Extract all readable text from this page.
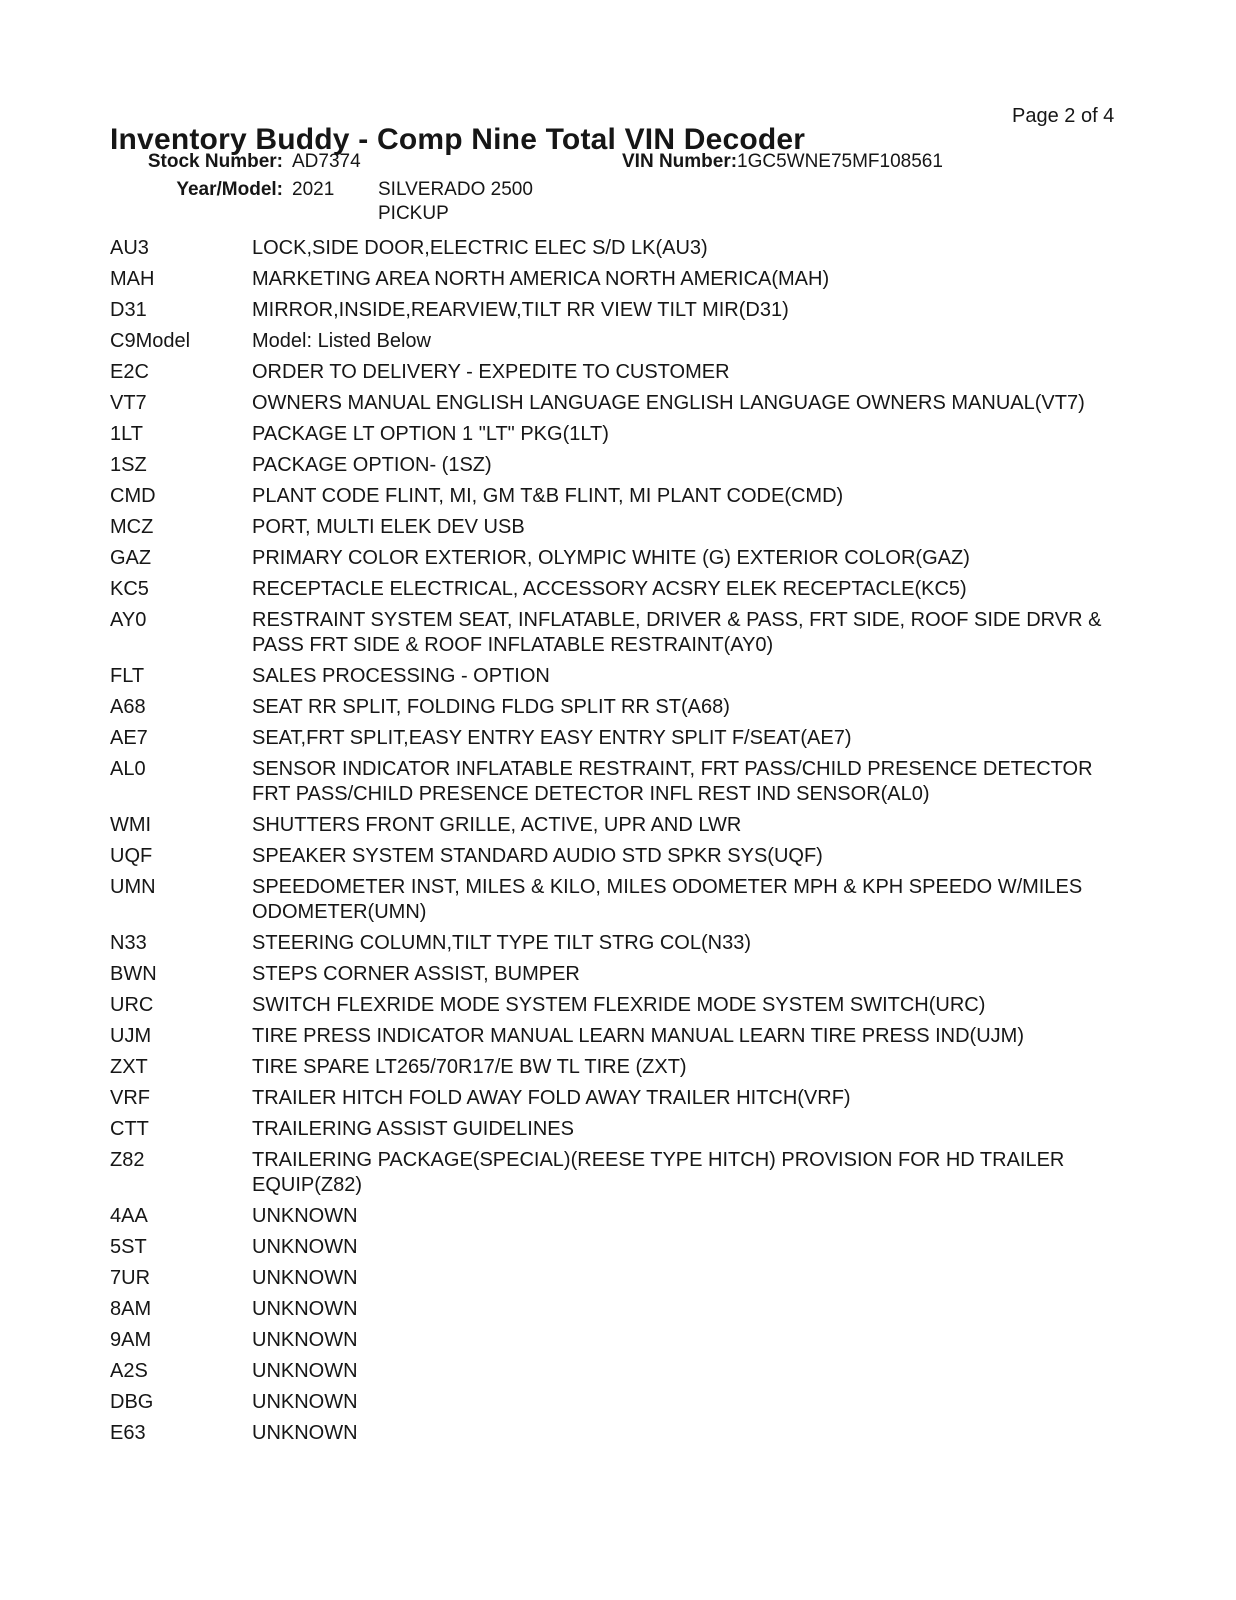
Inventory Buddy - Comp Nine Total VIN Decoder
Page 2 of 4
Stock Number: AD7374	VIN Number: 1GC5WNE75MF108561
Year/Model: 2021 SILVERADO 2500
PICKUP
AU3	LOCK,SIDE DOOR,ELECTRIC ELEC S/D LK(AU3)
MAH	MARKETING AREA NORTH AMERICA NORTH AMERICA(MAH)
D31	MIRROR,INSIDE,REARVIEW,TILT RR VIEW TILT MIR(D31)
C9Model	Model: Listed Below
E2C	ORDER TO DELIVERY - EXPEDITE TO CUSTOMER
VT7	OWNERS MANUAL ENGLISH LANGUAGE ENGLISH LANGUAGE OWNERS MANUAL(VT7)
1LT	PACKAGE LT OPTION 1 "LT" PKG(1LT)
1SZ	PACKAGE OPTION- (1SZ)
CMD	PLANT CODE FLINT, MI, GM T&B FLINT, MI PLANT CODE(CMD)
MCZ	PORT, MULTI ELEK DEV USB
GAZ	PRIMARY COLOR EXTERIOR, OLYMPIC WHITE (G) EXTERIOR COLOR(GAZ)
KC5	RECEPTACLE ELECTRICAL, ACCESSORY ACSRY ELEK RECEPTACLE(KC5)
AY0	RESTRAINT SYSTEM SEAT, INFLATABLE, DRIVER & PASS, FRT SIDE, ROOF SIDE DRVR & PASS FRT SIDE & ROOF INFLATABLE RESTRAINT(AY0)
FLT	SALES PROCESSING - OPTION
A68	SEAT RR SPLIT, FOLDING FLDG SPLIT RR ST(A68)
AE7	SEAT,FRT SPLIT,EASY ENTRY EASY ENTRY SPLIT F/SEAT(AE7)
AL0	SENSOR INDICATOR INFLATABLE RESTRAINT, FRT PASS/CHILD PRESENCE DETECTOR FRT PASS/CHILD PRESENCE DETECTOR INFL REST IND SENSOR(AL0)
WMI	SHUTTERS FRONT GRILLE, ACTIVE, UPR AND LWR
UQF	SPEAKER SYSTEM STANDARD AUDIO STD SPKR SYS(UQF)
UMN	SPEEDOMETER INST, MILES & KILO, MILES ODOMETER MPH & KPH SPEEDO W/MILES ODOMETER(UMN)
N33	STEERING COLUMN,TILT TYPE TILT STRG COL(N33)
BWN	STEPS CORNER ASSIST, BUMPER
URC	SWITCH FLEXRIDE MODE SYSTEM FLEXRIDE MODE SYSTEM SWITCH(URC)
UJM	TIRE PRESS INDICATOR MANUAL LEARN MANUAL LEARN TIRE PRESS IND(UJM)
ZXT	TIRE SPARE LT265/70R17/E BW TL TIRE (ZXT)
VRF	TRAILER HITCH FOLD AWAY FOLD AWAY TRAILER HITCH(VRF)
CTT	TRAILERING ASSIST GUIDELINES
Z82	TRAILERING PACKAGE(SPECIAL)(REESE TYPE HITCH) PROVISION FOR HD TRAILER EQUIP(Z82)
4AA	UNKNOWN
5ST	UNKNOWN
7UR	UNKNOWN
8AM	UNKNOWN
9AM	UNKNOWN
A2S	UNKNOWN
DBG	UNKNOWN
E63	UNKNOWN
